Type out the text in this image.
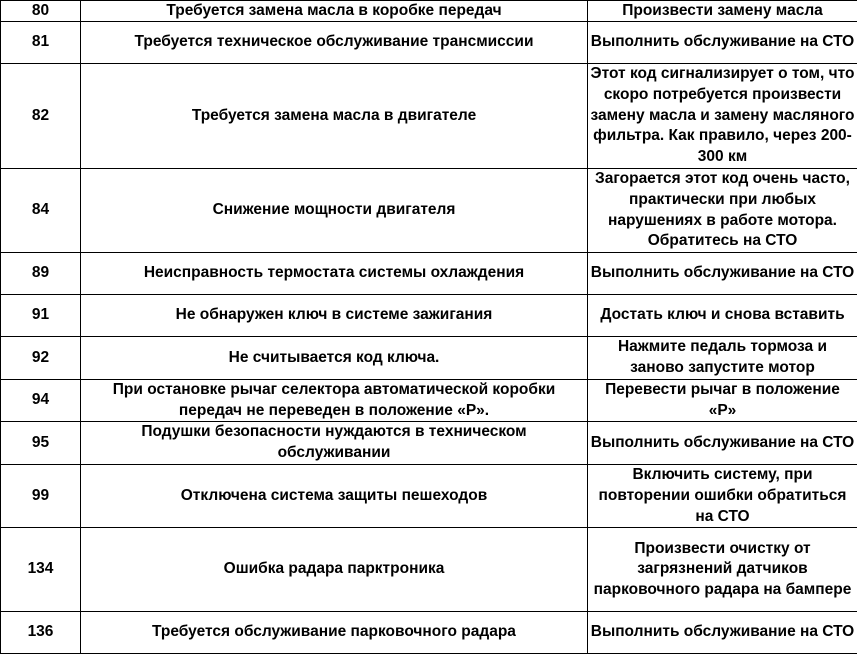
80	Требуется замена масла в коробке передач	Произвести замену масла
81	Требуется техническое обслуживание трансмиссии	Выполнить обслуживание на СТО
82	Требуется замена масла в двигателе	Этот код сигнализирует о том, что скоро потребуется произвести замену масла и замену масляного фильтра. Как правило, через 200-300 км
84	Снижение мощности двигателя	Загорается этот код очень часто, практически при любых нарушениях в работе мотора. Обратитесь на СТО
89	Неисправность термостата системы охлаждения	Выполнить обслуживание на СТО
91	Не обнаружен ключ в системе зажигания	Достать ключ и снова вставить
92	Не считывается код ключа.	Нажмите педаль тормоза и заново запустите мотор
94	При остановке рычаг селектора автоматической коробки передач не переведен в положение «Р».	Перевести рычаг в положение «Р»
95	Подушки безопасности нуждаются в техническом обслуживании	Выполнить обслуживание на СТО
99	Отключена система защиты пешеходов	Включить систему, при повторении ошибки обратиться на СТО
134	Ошибка радара парктроника	Произвести очистку от загрязнений датчиков парковочного радара на бампере
136	Требуется обслуживание парковочного радара	Выполнить обслуживание на СТО
